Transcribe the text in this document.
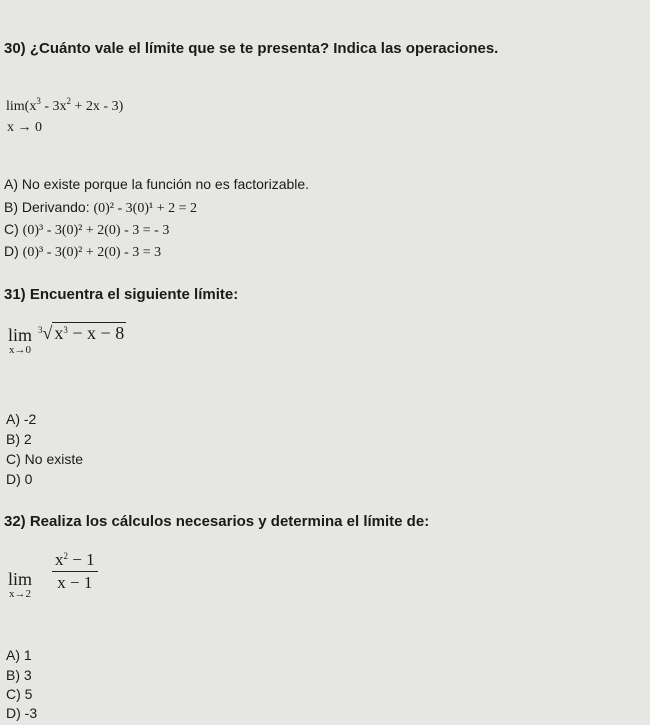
30) ¿Cuánto vale el límite que se te presenta? Indica las operaciones.
$\lim(x^3 - 3x^2 + 2x - 3)$
x → 0
A) No existe porque la función no es factorizable.
B) Derivando: (0)² - 3(0)¹ + 2 = 2
C) (0)³ - 3(0)² + 2(0) - 3 = - 3
D) (0)³ - 3(0)² + 2(0) - 3 = 3
31) Encuentra el siguiente límite:
lim
x→0
$^3$√ $x^3 - x - 8$
A) -2
B) 2
C) No existe
D) 0
32) Realiza los cálculos necesarios y determina el límite de:
lim
x→2
$\frac{x^2 - 1}{x - 1}$
A) 1
B) 3
C) 5
D) -3
